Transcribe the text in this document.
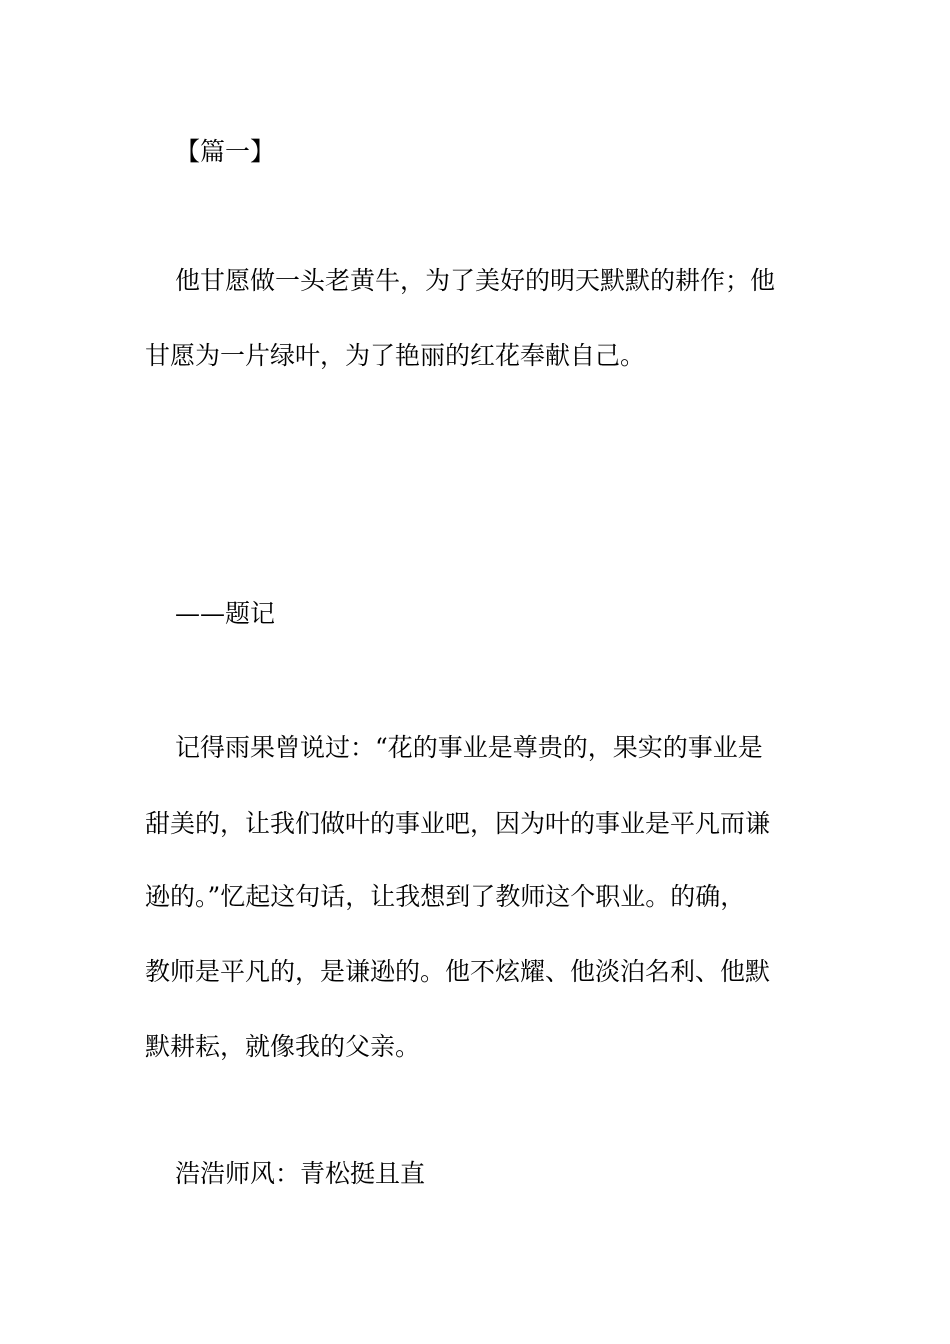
【篇一】
他甘愿做一头老黄牛，为了美好的明天默默的耕作；他
甘愿为一片绿叶，为了艳丽的红花奉献自己。
——题记
记得雨果曾说过：“花的事业是尊贵的，果实的事业是
甜美的，让我们做叶的事业吧，因为叶的事业是平凡而谦
逊的。”忆起这句话，让我想到了教师这个职业。的确，
教师是平凡的，是谦逊的。他不炫耀、他淡泊名利、他默
默耕耘，就像我的父亲。
浩浩师风：青松挺且直
